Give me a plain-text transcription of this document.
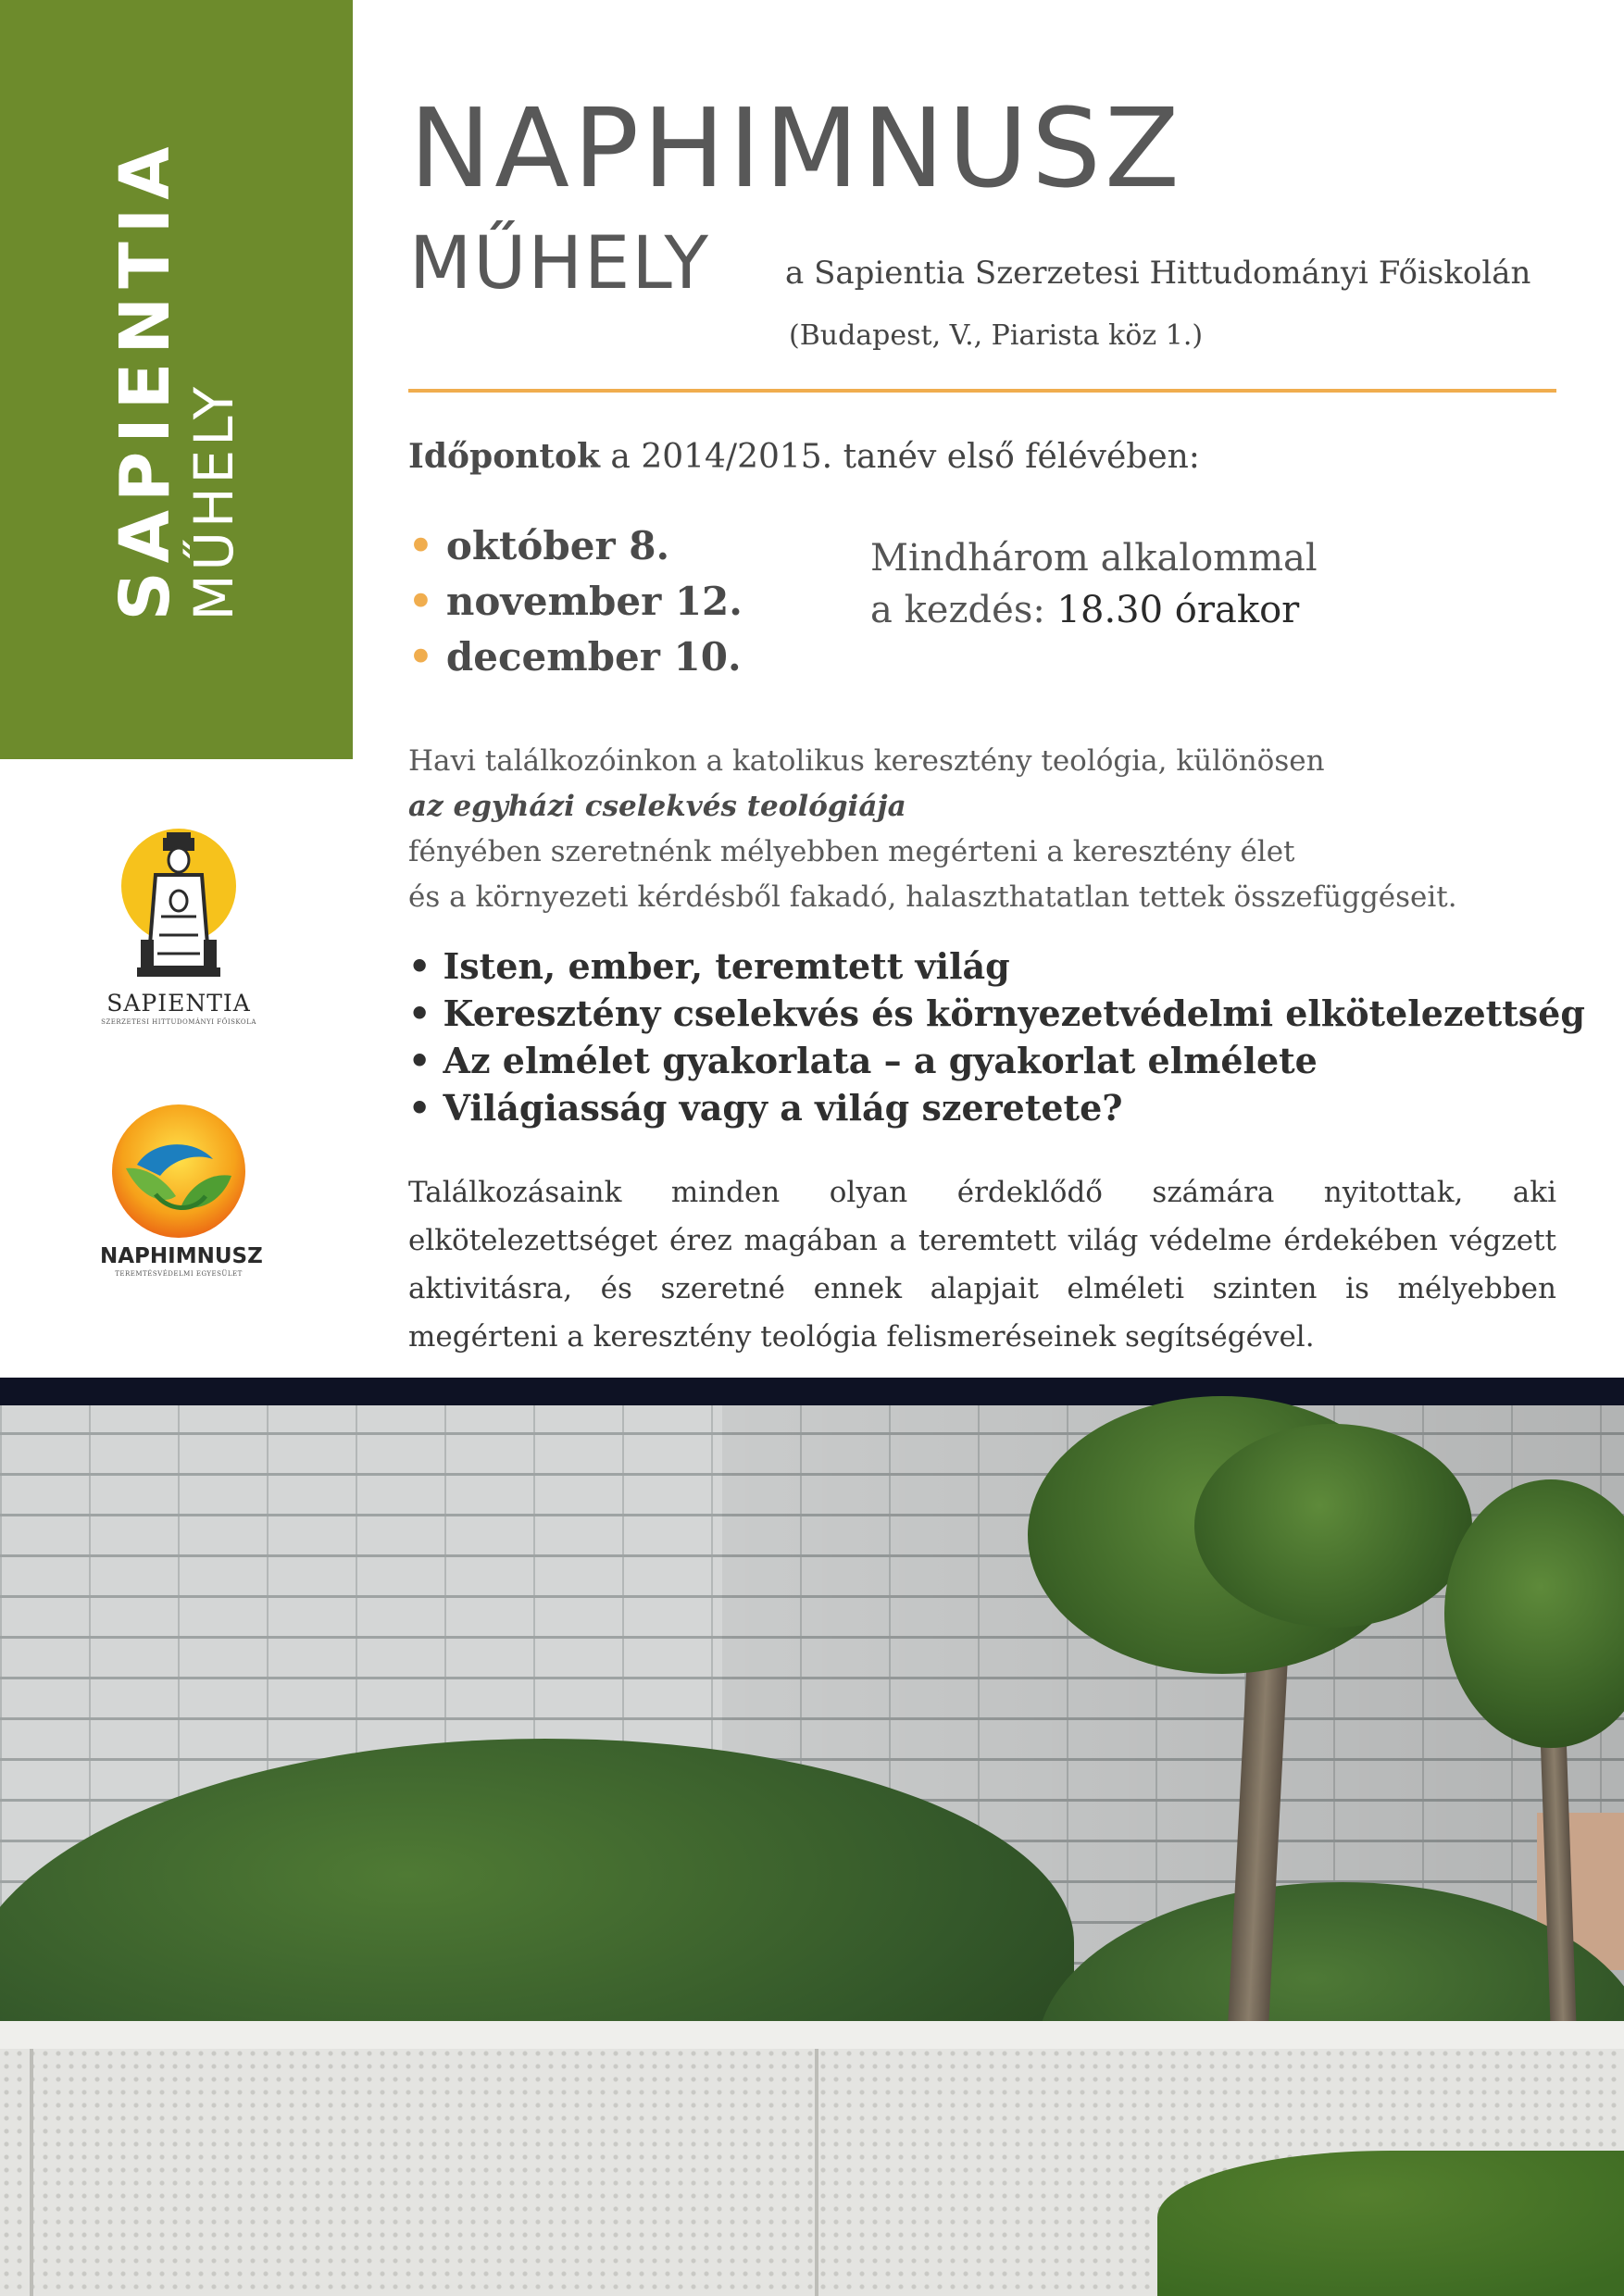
SAPIENTIA
MŰHELY
SAPIENTIA
SZERZETESI HITTUDOMÁNYI FŐISKOLA
NAPHIMNUSZ
TEREMTÉSVÉDELMI EGYESÜLET
NAPHIMNUSZ
MŰHELY a Sapientia Szerzetesi Hittudományi Főiskolán
(Budapest, V., Piarista köz 1.)
Időpontok a 2014/2015. tanév első félévében:
• október 8.
• november 12.
• december 10.
Mindhárom alkalommal
a kezdés: 18.30 órakor
Havi találkozóinkon a katolikus keresztény teológia, különösen
az egyházi cselekvés teológiája
fényében szeretnénk mélyebben megérteni a keresztény élet
és a környezeti kérdésből fakadó, halaszthatatlan tettek összefüggéseit.
• Isten, ember, teremtett világ
• Keresztény cselekvés és környezetvédelmi elkötelezettség
• Az elmélet gyakorlata – a gyakorlat elmélete
• Világiasság vagy a világ szeretete?
Találkozásaink minden olyan érdeklődő számára nyitottak, aki elkötelezettséget érez magában a teremtett világ védelme érdekében végzett aktivitásra, és szeretné ennek alapjait elméleti szinten is mélyebben megérteni a keresztény teológia felismeréseinek segítségével.
